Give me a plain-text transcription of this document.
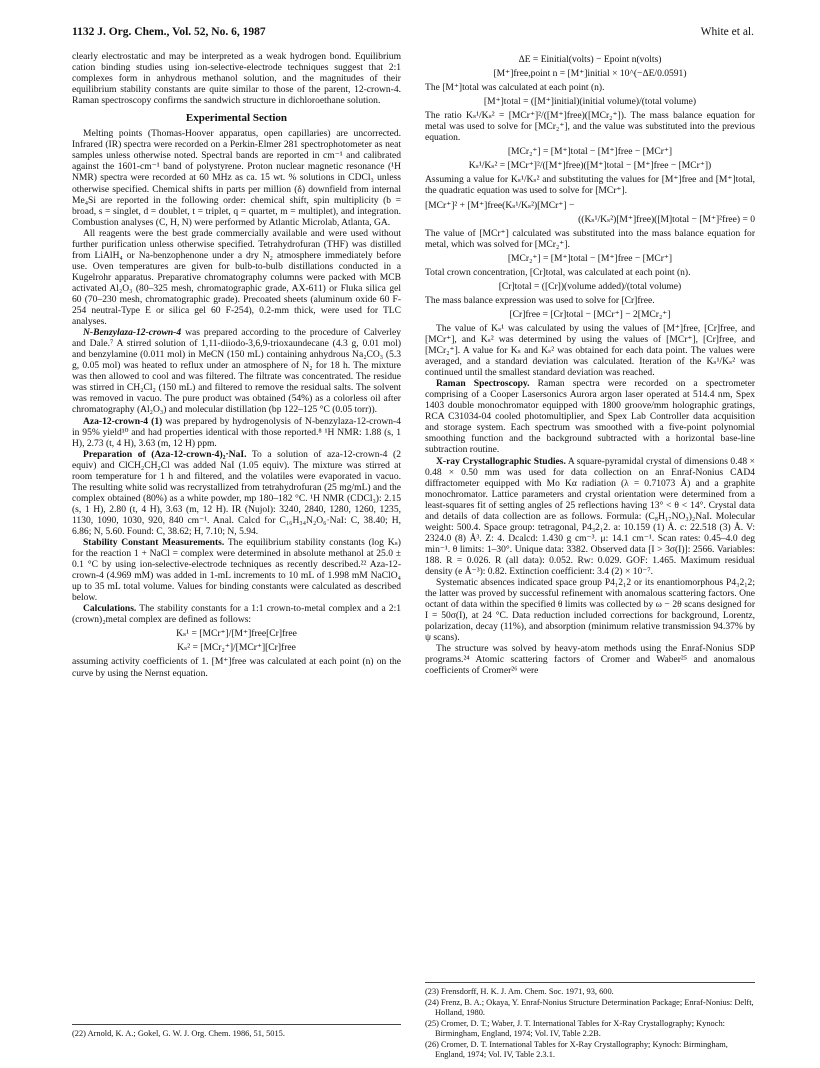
1132 J. Org. Chem., Vol. 52, No. 6, 1987	White et al.

clearly electrostatic and may be interpreted as a weak hydrogen bond. Equilibrium cation binding studies using ion-selective-electrode techniques suggest that 2:1 complexes form in anhydrous methanol solution, and the magnitudes of their equilibrium stability constants are quite similar to those of the parent, 12-crown-4. Raman spectroscopy confirms the sandwich structure in dichloroethane solution.

Experimental Section

Melting points (Thomas-Hoover apparatus, open capillaries) are uncorrected. Infrared (IR) spectra were recorded on a Perkin-Elmer 281 spectrophotometer as neat samples unless otherwise noted. Spectral bands are reported in cm⁻¹ and calibrated against the 1601-cm⁻¹ band of polystyrene. Proton nuclear magnetic resonance (¹H NMR) spectra were recorded at 60 MHz as ca. 15 wt. % solutions in CDCl₃ unless otherwise specified. Chemical shifts in parts per million (δ) downfield from internal Me₄Si are reported in the following order: chemical shift, spin multiplicity (b = broad, s = singlet, d = doublet, t = triplet, q = quartet, m = multiplet), and integration. Combustion analyses (C, H, N) were performed by Atlantic Microlab, Atlanta, GA.

All reagents were the best grade commercially available and were used without further purification unless otherwise specified. Tetrahydrofuran (THF) was distilled from LiAlH₄ or Na-benzophenone under a dry N₂ atmosphere immediately before use. Oven temperatures are given for bulb-to-bulb distillations conducted in a Kugelrohr apparatus. Preparative chromatography columns were packed with MCB activated Al₂O₃ (80–325 mesh, chromatographic grade, AX-611) or Fluka silica gel 60 (70–230 mesh, chromatographic grade). Precoated sheets (aluminum oxide 60 F-254 neutral-Type E or silica gel 60 F-254), 0.2-mm thick, were used for TLC analyses.

N-Benzylaza-12-crown-4 was prepared according to the procedure of Calverley and Dale.⁷ A stirred solution of 1,11-diiodo-3,6,9-trioxaundecane (4.3 g, 0.01 mol) and benzylamine (0.011 mol) in MeCN (150 mL) containing anhydrous Na₂CO₃ (5.3 g, 0.05 mol) was heated to reflux under an atmosphere of N₂ for 18 h. The mixture was then allowed to cool and was filtered. The filtrate was concentrated. The residue was stirred in CH₂Cl₂ (150 mL) and filtered to remove the residual salts. The solvent was removed in vacuo. The pure product was obtained (54%) as a colorless oil after chromatography (Al₂O₃) and molecular distillation (bp 122–125 °C (0.05 torr)).

Aza-12-crown-4 (1) was prepared by hydrogenolysis of N-benzylaza-12-crown-4 in 95% yield¹⁰ and had properties identical with those reported.⁸ ¹H NMR: 1.88 (s, 1 H), 2.73 (t, 4 H), 3.63 (m, 12 H) ppm.

Preparation of (Aza-12-crown-4)₂·NaI. To a solution of aza-12-crown-4 (2 equiv) and ClCH₂CH₂Cl was added NaI (1.05 equiv). The mixture was stirred at room temperature for 1 h and filtered, and the volatiles were evaporated in vacuo. The resulting white solid was recrystallized from tetrahydrofuran (25 mg/mL) and the complex obtained (80%) as a white powder, mp 180–182 °C. ¹H NMR (CDCl₃): 2.15 (s, 1 H), 2.80 (t, 4 H), 3.63 (m, 12 H). IR (Nujol): 3240, 2840, 1280, 1260, 1235, 1130, 1090, 1030, 920, 840 cm⁻¹. Anal. Calcd for C₁₆H₃₄N₂O₆·NaI: C, 38.40; H, 6.86; N, 5.60. Found: C, 38.62; H, 7.10; N, 5.94.

Stability Constant Measurements. The equilibrium stability constants (log Kₛ) for the reaction 1 + NaCl = complex were determined in absolute methanol at 25.0 ± 0.1 °C by using ion-selective-electrode techniques as recently described.²² Aza-12-crown-4 (4.969 mM) was added in 1-mL increments to 10 mL of 1.998 mM NaClO₄ up to 35 mL total volume. Values for binding constants were calculated as described below.

Calculations. The stability constants for a 1:1 crown-to-metal complex and a 2:1 (crown)₂metal complex are defined as follows:

Kₛ¹ = [MCr⁺]/[M⁺]free[Cr]free

Kₛ² = [MCr₂⁺]/[MCr⁺][Cr]free

assuming activity coefficients of 1. [M⁺]free was calculated at each point (n) on the curve by using the Nernst equation.

(22) Arnold, K. A.; Gokel, G. W. J. Org. Chem. 1986, 51, 5015.

ΔE = Einitial(volts) − Epoint n(volts)

[M⁺]free,point n = [M⁺]initial × 10^(−ΔE/0.0591)

The [M⁺]total was calculated at each point (n).

[M⁺]total = ([M⁺]initial)(initial volume)/(total volume)

The ratio Kₛ¹/Kₛ² = [MCr⁺]²/([M⁺]free)([MCr₂⁺]). The mass balance equation for metal was used to solve for [MCr₂⁺], and the value was substituted into the previous equation.

[MCr₂⁺] = [M⁺]total − [M⁺]free − [MCr⁺]

Kₛ¹/Kₛ² = [MCr⁺]²/([M⁺]free)([M⁺]total − [M⁺]free − [MCr⁺])

Assuming a value for Kₛ¹/Kₛ² and substituting the values for [M⁺]free and [M⁺]total, the quadratic equation was used to solve for [MCr⁺].

[MCr⁺]² + [M⁺]free(Kₛ¹/Kₛ²)[MCr⁺] −

((Kₛ¹/Kₛ²)[M⁺]free)([M]total − [M⁺]²free) = 0

The value of [MCr⁺] calculated was substituted into the mass balance equation for metal, which was solved for [MCr₂⁺].

[MCr₂⁺] = [M⁺]total − [M⁺]free − [MCr⁺]

Total crown concentration, [Cr]total, was calculated at each point (n).

[Cr]total = ([Cr])(volume added)/(total volume)

The mass balance expression was used to solve for [Cr]free.

[Cr]free = [Cr]total − [MCr⁺] − 2[MCr₂⁺]

The value of Kₛ¹ was calculated by using the values of [M⁺]free, [Cr]free, and [MCr⁺], and Kₛ² was determined by using the values of [MCr⁺], [Cr]free, and [MCr₂⁺]. A value for Kₛ and Kₛ² was obtained for each data point. The values were averaged, and a standard deviation was calculated. Iteration of the Kₛ¹/Kₛ² was continued until the smallest standard deviation was reached.

Raman Spectroscopy. Raman spectra were recorded on a spectrometer comprising of a Cooper Lasersonics Aurora argon laser operated at 514.4 nm, Spex 1403 double monochromator equipped with 1800 groove/mm holographic gratings, RCA C31034-04 cooled photomultiplier, and Spex Lab Controller data acquisition and storage system. Each spectrum was smoothed with a five-point polynomial smoothing function and the background subtracted with a horizontal base-line subtraction routine.

X-ray Crystallographic Studies. A square-pyramidal crystal of dimensions 0.48 × 0.48 × 0.50 mm was used for data collection on an Enraf-Nonius CAD4 diffractometer equipped with Mo Kα radiation (λ = 0.71073 Å) and a graphite monochromator. Lattice parameters and crystal orientation were determined from a least-squares fit of setting angles of 25 reflections having 13° < θ < 14°. Crystal data and details of data collection are as follows. Formula: (C₈H₁₇NO₃)₂NaI. Molecular weight: 500.4. Space group: tetragonal, P4₃2₁2. a: 10.159 (1) Å. c: 22.518 (3) Å. V: 2324.0 (8) Å³. Z: 4. Dcalcd: 1.430 g cm⁻³. μ: 14.1 cm⁻¹. Scan rates: 0.45–4.0 deg min⁻¹. θ limits: 1–30°. Unique data: 3382. Observed data [I > 3σ(I)]: 2566. Variables: 188. R = 0.026. R (all data): 0.052. Rw: 0.029. GOF: 1.465. Maximum residual density (e Å⁻³): 0.82. Extinction coefficient: 3.4 (2) × 10⁻⁷.

Systematic absences indicated space group P4₁2₁2 or its enantiomorphous P4₃2₁2; the latter was proved by successful refinement with anomalous scattering factors. One octant of data within the specified θ limits was collected by ω − 2θ scans designed for I = 50σ(I), at 24 °C. Data reduction included corrections for background, Lorentz, polarization, decay (11%), and absorption (minimum relative transmission 94.37% by ψ scans).

The structure was solved by heavy-atom methods using the Enraf-Nonius SDP programs.²⁴ Atomic scattering factors of Cromer and Waber²⁵ and anomalous coefficients of Cromer²⁶ were

(23) Frensdorff, H. K. J. Am. Chem. Soc. 1971, 93, 600.

(24) Frenz, B. A.; Okaya, Y. Enraf-Nonius Structure Determination Package; Enraf-Nonius: Delft, Holland, 1980.

(25) Cromer, D. T.; Waber, J. T. International Tables for X-Ray Crystallography; Kynoch: Birmingham, England, 1974; Vol. IV, Table 2.2B.

(26) Cromer, D. T. International Tables for X-Ray Crystallography; Kynoch: Birmingham, England, 1974; Vol. IV, Table 2.3.1.
